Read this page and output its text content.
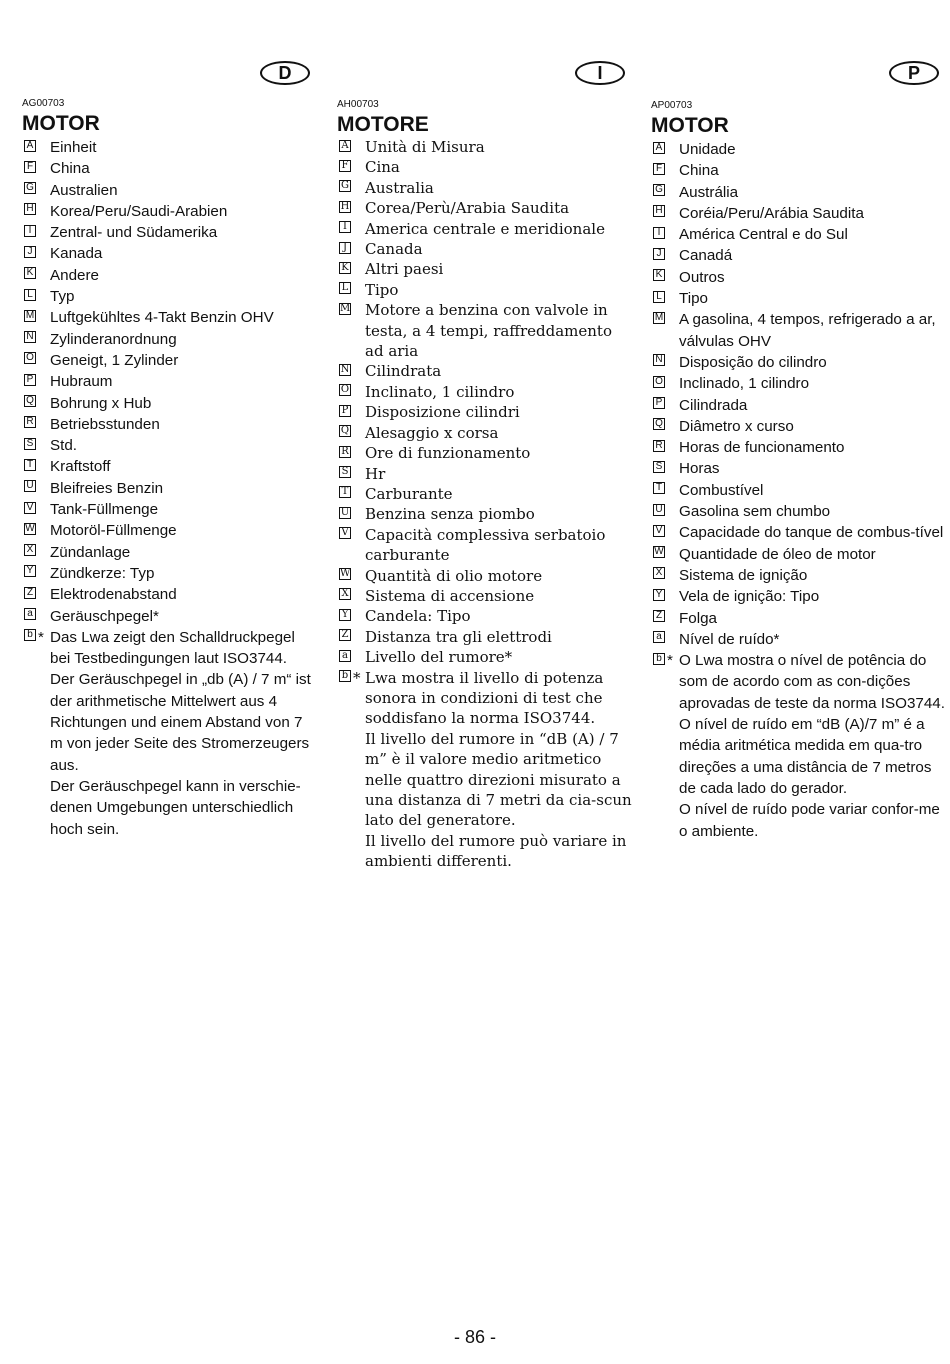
D
AG00703
MOTOR
A Einheit
F China
G Australien
H Korea/Peru/Saudi-Arabien
I	Zentral- und Südamerika
J Kanada
K Andere
L Typ
M Luftgekühltes 4-Takt Benzin OHV
N Zylinderanordnung
O Geneigt, 1 Zylinder
P Hubraum
Q Bohrung x Hub
R Betriebsstunden
S Std.
T Kraftstoff
U Bleifreies Benzin
V Tank-Füllmenge
W Motoröl-Füllmenge
X Zündanlage
Y Zündkerze: Typ
Z Elektrodenabstand
a Geräuschpegel*
b * Das Lwa zeigt den Schalldruckpegel bei Testbedingungen laut ISO3744.
Der Geräuschpegel in „db (A) / 7 m“ ist der arithmetische Mittelwert aus 4 Richtungen und einem Abstand von 7 m von jeder Seite des Stromerzeugers aus.
Der Geräuschpegel kann in verschie-denen Umgebungen unterschiedlich hoch sein.
I
AH00703
MOTORE
A Unità di Misura
F Cina
G Australia
H Corea/Perù/Arabia Saudita
I America centrale e meridionale
J Canada
K Altri paesi
L Tipo
M Motore a benzina con valvole in testa, a 4 tempi, raffreddamento ad aria
N Cilindrata
O Inclinato, 1 cilindro
P Disposizione cilindri
Q Alesaggio x corsa
R Ore di funzionamento
S Hr
T Carburante
U Benzina senza piombo
V Capacità complessiva serbatoio carburante
W Quantità di olio motore
X Sistema di accensione
Y Candela: Tipo
Z Distanza tra gli elettrodi
a Livello del rumore*
b * Lwa mostra il livello di potenza sonora in condizioni di test che soddisfano la norma ISO3744.
Il livello del rumore in “dB (A) / 7 m” è il valore medio aritmetico nelle quattro direzioni misurato a una distanza di 7 metri da cia-scun lato del generatore.
Il livello del rumore può variare in ambienti differenti.
P
AP00703
MOTOR
A Unidade
F China
G Austrália
H Coréia/Peru/Arábia Saudita
I	América Central e do Sul
J Canadá
K Outros
L Tipo
M A gasolina, 4 tempos, refrigerado a ar, válvulas OHV
N Disposição do cilindro
O Inclinado, 1 cilindro
P Cilindrada
Q Diâmetro x curso
R Horas de funcionamento
S Horas
T Combustível
U Gasolina sem chumbo
V Capacidade do tanque de combus-tível
W Quantidade de óleo de motor
X Sistema de ignição
Y Vela de ignição: Tipo
Z Folga
a Nível de ruído*
b * O Lwa mostra o nível de potência do som de acordo com as con-dições aprovadas de teste da norma ISO3744.
O nível de ruído em “dB (A)/7 m” é a média aritmética medida em qua-tro direções a uma distância de 7 metros de cada lado do gerador.
O nível de ruído pode variar confor-me o ambiente.
- 86 -
